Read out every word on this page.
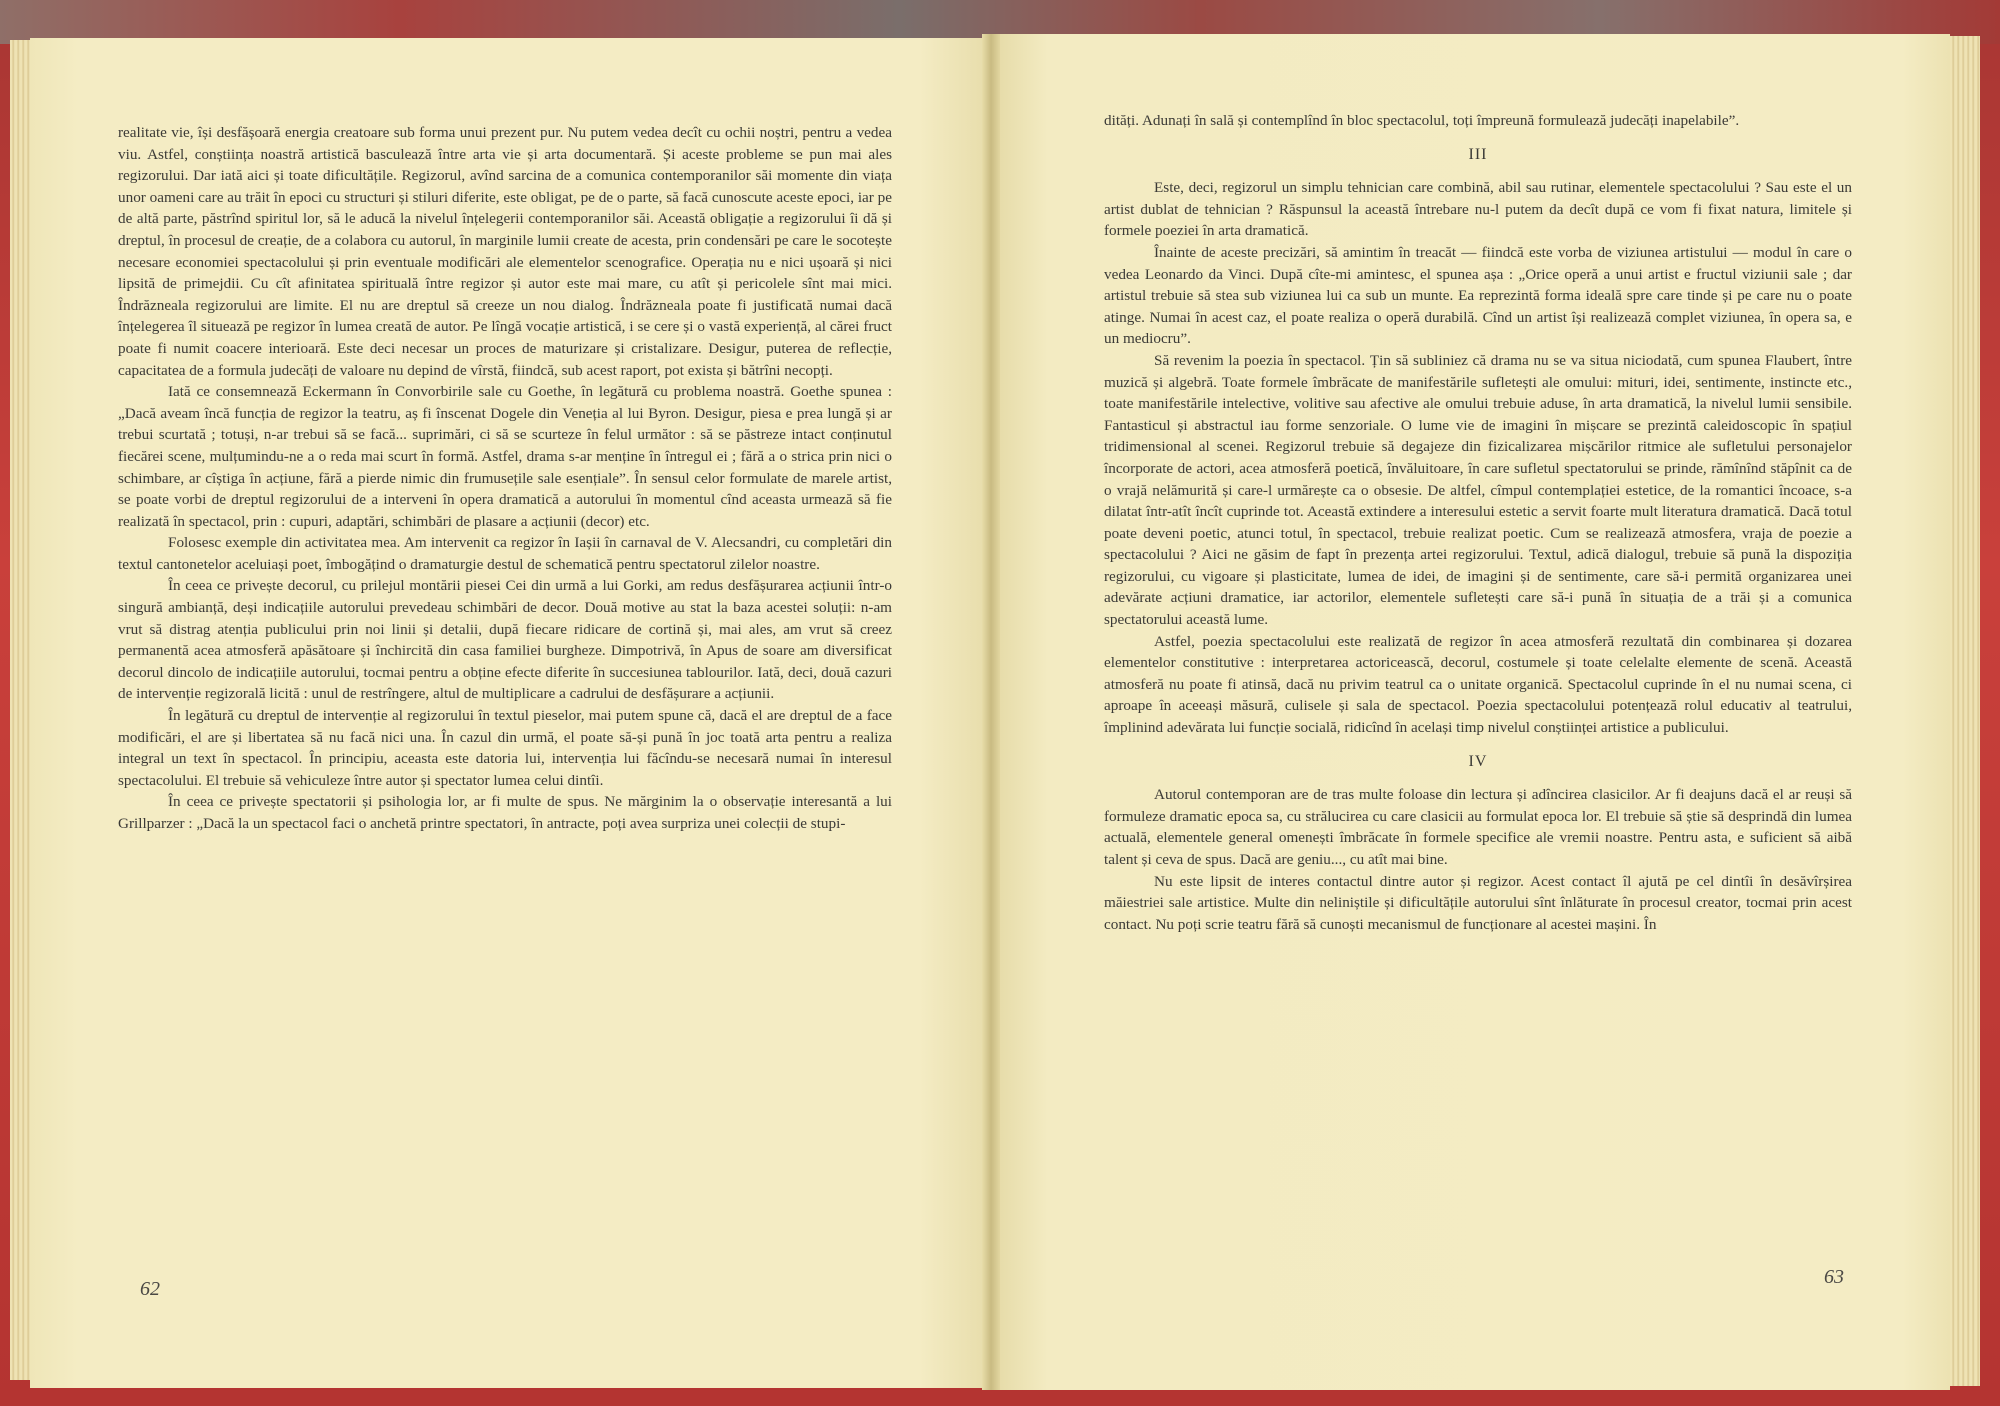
realitate vie, își desfășoară energia creatoare sub forma unui prezent pur. Nu putem vedea decît cu ochii noștri, pentru a vedea viu. Astfel, conștiința noastră artistică basculează între arta vie și arta documentară. Și aceste probleme se pun mai ales regizorului. Dar iată aici și toate dificultățile. Regizorul, avînd sarcina de a comunica contemporanilor săi momente din viața unor oameni care au trăit în epoci cu structuri și stiluri diferite, este obligat, pe de o parte, să facă cunoscute aceste epoci, iar pe de altă parte, păstrînd spiritul lor, să le aducă la nivelul înțelegerii contemporanilor săi. Această obligație a regizorului îi dă și dreptul, în procesul de creație, de a colabora cu autorul, în marginile lumii create de acesta, prin condensări pe care le socotește necesare economiei spectacolului și prin eventuale modificări ale elementelor scenografice. Operația nu e nici ușoară și nici lipsită de primejdii. Cu cît afinitatea spirituală între regizor și autor este mai mare, cu atît și pericolele sînt mai mici. Îndrăzneala regizorului are limite. El nu are dreptul să creeze un nou dialog. Îndrăzneala poate fi justificată numai dacă înțelegerea îl situează pe regizor în lumea creată de autor. Pe lîngă vocație artistică, i se cere și o vastă experiență, al cărei fruct poate fi numit coacere interioară. Este deci necesar un proces de maturizare și cristalizare. Desigur, puterea de reflecție, capacitatea de a formula judecăți de valoare nu depind de vîrstă, fiindcă, sub acest raport, pot exista și bătrîni necopți.

Iată ce consemnează Eckermann în Convorbirile sale cu Goethe, în legătură cu problema noastră. Goethe spunea : „Dacă aveam încă funcția de regizor la teatru, aș fi înscenat Dogele din Veneția al lui Byron. Desigur, piesa e prea lungă și ar trebui scurtată ; totuși, n-ar trebui să se facă... suprimări, ci să se scurteze în felul următor : să se păstreze intact conținutul fiecărei scene, mulțumindu-ne a o reda mai scurt în formă. Astfel, drama s-ar menține în întregul ei ; fără a o strica prin nici o schimbare, ar cîștiga în acțiune, fără a pierde nimic din frumusețile sale esențiale”. În sensul celor formulate de marele artist, se poate vorbi de dreptul regizorului de a interveni în opera dramatică a autorului în momentul cînd aceasta urmează să fie realizată în spectacol, prin : cupuri, adaptări, schimbări de plasare a acțiunii (decor) etc.

Folosesc exemple din activitatea mea. Am intervenit ca regizor în Iașii în carnaval de V. Alecsandri, cu completări din textul cantonetelor aceluiași poet, îmbogățind o dramaturgie destul de schematică pentru spectatorul zilelor noastre.

În ceea ce privește decorul, cu prilejul montării piesei Cei din urmă a lui Gorki, am redus desfășurarea acțiunii într-o singură ambianță, deși indicațiile autorului prevedeau schimbări de decor. Două motive au stat la baza acestei soluții: n-am vrut să distrag atenția publicului prin noi linii și detalii, după fiecare ridicare de cortină și, mai ales, am vrut să creez permanentă acea atmosferă apăsătoare și închircită din casa familiei burgheze. Dimpotrivă, în Apus de soare am diversificat decorul dincolo de indicațiile autorului, tocmai pentru a obține efecte diferite în succesiunea tablourilor. Iată, deci, două cazuri de intervenție regizorală licită : unul de restrîngere, altul de multiplicare a cadrului de desfășurare a acțiunii.

În legătură cu dreptul de intervenție al regizorului în textul pieselor, mai putem spune că, dacă el are dreptul de a face modificări, el are și libertatea să nu facă nici una. În cazul din urmă, el poate să-și pună în joc toată arta pentru a realiza integral un text în spectacol. În principiu, aceasta este datoria lui, intervenția lui făcîndu-se necesară numai în interesul spectacolului. El trebuie să vehiculeze între autor și spectator lumea celui dintîi.

În ceea ce privește spectatorii și psihologia lor, ar fi multe de spus. Ne mărginim la o observație interesantă a lui Grillparzer : „Dacă la un spectacol faci o anchetă printre spectatori, în antracte, poți avea surpriza unei colecții de stupi-

62

dități. Adunați în sală și contemplînd în bloc spectacolul, toți împreună formulează judecăți inapelabile”.

III

Este, deci, regizorul un simplu tehnician care combină, abil sau rutinar, elementele spectacolului ? Sau este el un artist dublat de tehnician ? Răspunsul la această întrebare nu-l putem da decît după ce vom fi fixat natura, limitele și formele poeziei în arta dramatică.

Înainte de aceste precizări, să amintim în treacăt — fiindcă este vorba de viziunea artistului — modul în care o vedea Leonardo da Vinci. După cîte-mi amintesc, el spunea așa : „Orice operă a unui artist e fructul viziunii sale ; dar artistul trebuie să stea sub viziunea lui ca sub un munte. Ea reprezintă forma ideală spre care tinde și pe care nu o poate atinge. Numai în acest caz, el poate realiza o operă durabilă. Cînd un artist își realizează complet viziunea, în opera sa, e un mediocru”.

Să revenim la poezia în spectacol. Țin să subliniez că drama nu se va situa niciodată, cum spunea Flaubert, între muzică și algebră. Toate formele îmbrăcate de manifestările sufletești ale omului: mituri, idei, sentimente, instincte etc., toate manifestările intelective, volitive sau afective ale omului trebuie aduse, în arta dramatică, la nivelul lumii sensibile. Fantasticul și abstractul iau forme senzoriale. O lume vie de imagini în mișcare se prezintă caleidoscopic în spațiul tridimensional al scenei. Regizorul trebuie să degajeze din fizicalizarea mișcărilor ritmice ale sufletului personajelor încorporate de actori, acea atmosferă poetică, învăluitoare, în care sufletul spectatorului se prinde, rămînînd stăpînit ca de o vrajă nelămurită și care-l urmărește ca o obsesie. De altfel, cîmpul contemplației estetice, de la romantici încoace, s-a dilatat într-atît încît cuprinde tot. Această extindere a interesului estetic a servit foarte mult literatura dramatică. Dacă totul poate deveni poetic, atunci totul, în spectacol, trebuie realizat poetic. Cum se realizează atmosfera, vraja de poezie a spectacolului ? Aici ne găsim de fapt în prezența artei regizorului. Textul, adică dialogul, trebuie să pună la dispoziția regizorului, cu vigoare și plasticitate, lumea de idei, de imagini și de sentimente, care să-i permită organizarea unei adevărate acțiuni dramatice, iar actorilor, elementele sufletești care să-i pună în situația de a trăi și a comunica spectatorului această lume.

Astfel, poezia spectacolului este realizată de regizor în acea atmosferă rezultată din combinarea și dozarea elementelor constitutive : interpretarea actoricească, decorul, costumele și toate celelalte elemente de scenă. Această atmosferă nu poate fi atinsă, dacă nu privim teatrul ca o unitate organică. Spectacolul cuprinde în el nu numai scena, ci aproape în aceeași măsură, culisele și sala de spectacol. Poezia spectacolului potențează rolul educativ al teatrului, împlinind adevărata lui funcție socială, ridicînd în același timp nivelul conștiinței artistice a publicului.

IV

Autorul contemporan are de tras multe foloase din lectura și adîncirea clasicilor. Ar fi deajuns dacă el ar reuși să formuleze dramatic epoca sa, cu strălucirea cu care clasicii au formulat epoca lor. El trebuie să știe să desprindă din lumea actuală, elementele general omenești îmbrăcate în formele specifice ale vremii noastre. Pentru asta, e suficient să aibă talent și ceva de spus. Dacă are geniu..., cu atît mai bine.

Nu este lipsit de interes contactul dintre autor și regizor. Acest contact îl ajută pe cel dintîi în desăvîrșirea măiestriei sale artistice. Multe din neliniștile și dificultățile autorului sînt înlăturate în procesul creator, tocmai prin acest contact. Nu poți scrie teatru fără să cunoști mecanismul de funcționare al acestei mașini. În

63
